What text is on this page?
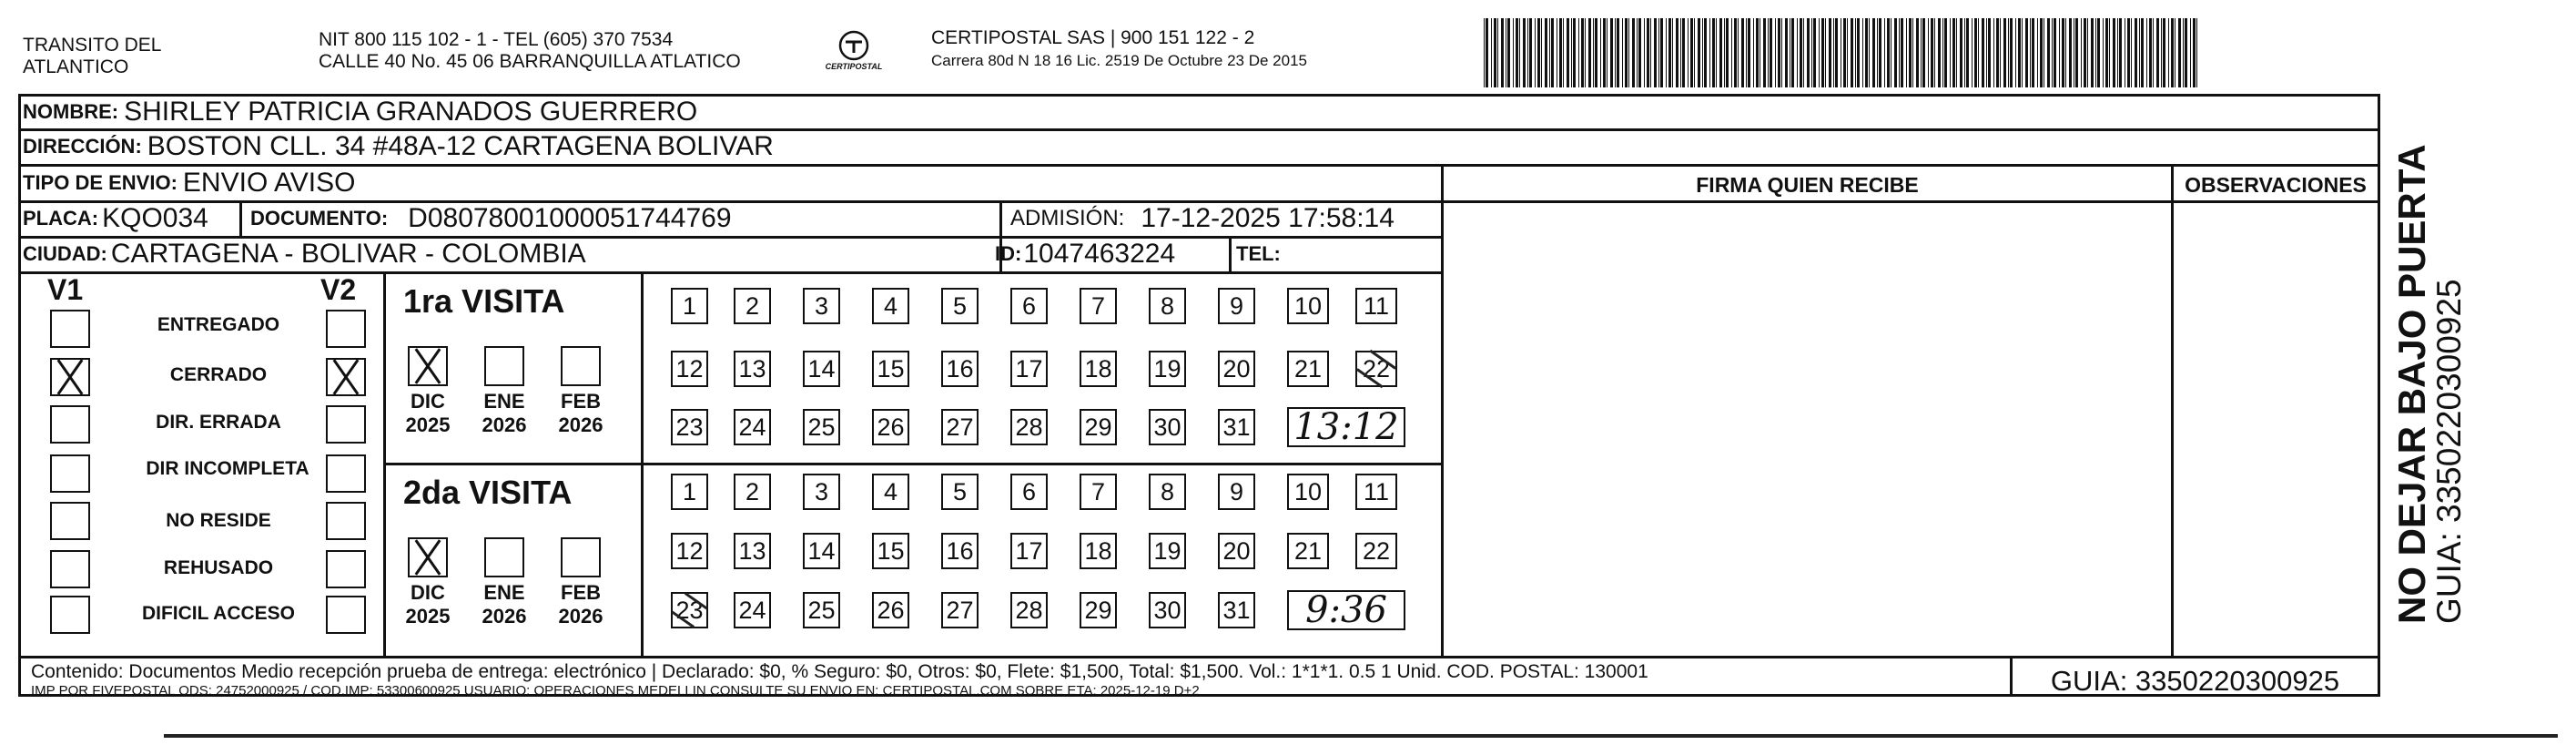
TRANSITO DEL
ATLANTICO
NIT 800 115 102 - 1 - TEL (605) 370 7534
CALLE 40 No. 45 06 BARRANQUILLA ATLATICO	CERTIPOSTAL
CERTIPOSTAL SAS | 900 151 122 - 2
Carrera 80d N 18 16 Lic. 2519 De Octubre 23 De 2015
NOMBRE: SHIRLEY PATRICIA GRANADOS GUERRERO
DIRECCIÓN: BOSTON CLL. 34 #48A-12 CARTAGENA BOLIVAR
TIPO DE ENVIO: ENVIO AVISO	FIRMA QUIEN RECIBE	OBSERVACIONES
PLACA: KQO034 DOCUMENTO: D08078001000051744769	ADMISIÓN: 17-12-2025 17:58:14
CIUDAD: CARTAGENA - BOLIVAR - COLOMBIA	ID: 1047463224	TEL:
V1	V2
ENTREGADO
CERRADO
DIR. ERRADA
DIR INCOMPLETA
NO RESIDE
REHUSADO
DIFICIL ACCESO
1ra VISITA
DIC
2025
ENE
2026
FEB
2026
1	2	3	4	5	6	7	8	9	10	11
12 13 14 15 16 17 18 19 20 21 22
23 24 25 26 27 28 29 30 31 13:12
2da VISITA
DIC
2025
ENE
2026
FEB
2026
1	2	3	4	5	6	7	8	9	10	11
12 13 14 15 16 17 18 19 20 21 22
23 24 25 26 27 28 29 30 31	9:36
Contenido: Documentos Medio recepción prueba de entrega: electrónico | Declarado: $0, % Seguro: $0, Otros: $0, Flete: $1,500, Total: $1,500. Vol.: 1*1*1. 0.5 1 Unid. COD. POSTAL: 130001
IMP POR FIVEPOSTAL ODS: 24752000925 / COD.IMP: 53300600925 USUARIO: OPERACIONES MEDELLIN CONSULTE SU ENVIO EN: CERTIPOSTAL.COM SOBRE ETA: 2025-12-19 D+2	GUIA: 3350220300925
NO DEJAR BAJO PUERTA
GUIA: 3350220300925
